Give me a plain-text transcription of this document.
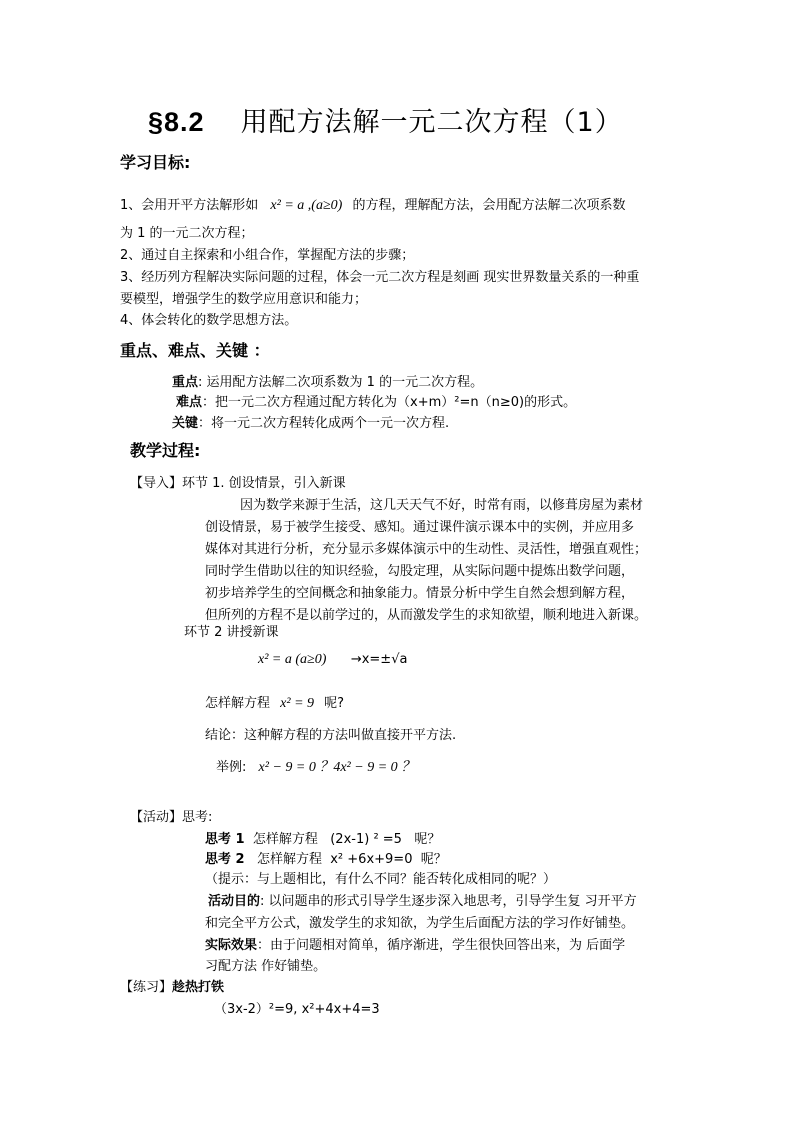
§8.2 用配方法解一元二次方程（1）
学习目标:
1、会用开平方法解形如 x² = a ,(a≥0) 的方程，理解配方法，会用配方法解二次项系数
为 1 的一元二次方程；
2、通过自主探索和小组合作，掌握配方法的步骤；
3、经历列方程解决实际问题的过程，体会一元二次方程是刻画 现实世界数量关系的一种重
要模型，增强学生的数学应用意识和能力；
4、体会转化的数学思想方法。
重点、难点、关键 ：
重点: 运用配方法解二次项系数为 1 的一元二次方程。
难点：把一元二次方程通过配方转化为（x+m）²=n（n≥0)的形式。
关键：将一元二次方程转化成两个一元一次方程.
教学过程:
【导入】环节 1. 创设情景，引入新课
因为数学来源于生活，这几天天气不好，时常有雨，以修葺房屋为素材
创设情景，易于被学生接受、感知。通过课件演示课本中的实例，并应用多
媒体对其进行分析，充分显示多媒体演示中的生动性、灵活性，增强直观性；
同时学生借助以往的知识经验，勾股定理，从实际问题中提炼出数学问题，
初步培养学生的空间概念和抽象能力。情景分析中学生自然会想到解方程，
但所列的方程不是以前学过的，从而激发学生的求知欲望，顺利地进入新课。
环节 2 讲授新课
x² = a (a≥0) →x=±√a
怎样解方程 x² = 9 呢?
结论：这种解方程的方法叫做直接开平方法.
举例: x² − 9 = 0 ？4x² − 9 = 0 ？
【活动】思考:
思考 1  怎样解方程   (2x-1) ² =5   呢？
思考 2   怎样解方程  x² +6x+9=0  呢？
（提示：与上题相比，有什么不同？能否转化成相同的呢？）
活动目的: 以问题串的形式引导学生逐步深入地思考，引导学生复 习开平方
和完全平方公式，激发学生的求知欲，为学生后面配方法的学习作好铺垫。
实际效果：由于问题相对简单，循序渐进，学生很快回答出来，为 后面学
习配方法 作好铺垫。
【练习】趁热打铁
（3x-2）²=9, x²+4x+4=3
